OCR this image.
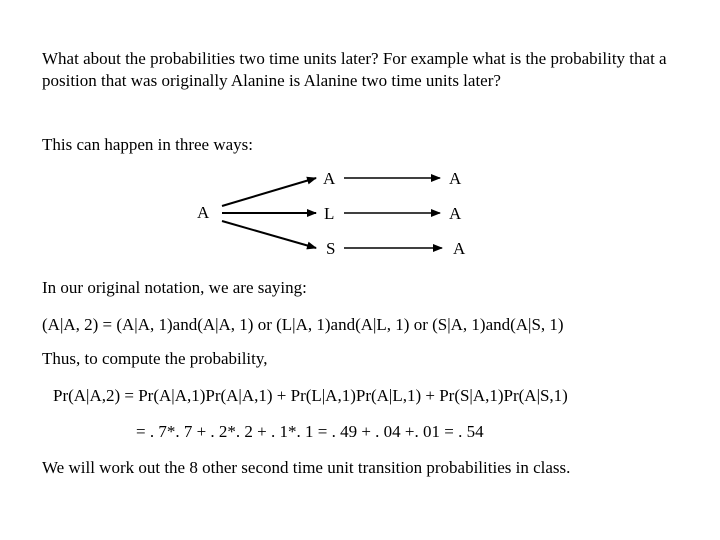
What about the probabilities two time units later? For example what is the probability that a position that was originally Alanine is Alanine two time units later?
This can happen in three ways:
A
A
L
S
A
A
A
In our original notation, we are saying:
(A|A, 2) = (A|A, 1)and(A|A, 1) or (L|A, 1)and(A|L, 1) or (S|A, 1)and(A|S, 1)
Thus, to compute the probability,
Pr(A|A,2) = Pr(A|A,1)Pr(A|A,1) + Pr(L|A,1)Pr(A|L,1) + Pr(S|A,1)Pr(A|S,1)
= . 7*. 7 + . 2*. 2 + . 1*. 1 = . 49 + . 04 +. 01 = . 54
We will work out the 8 other second time unit transition probabilities in class.
